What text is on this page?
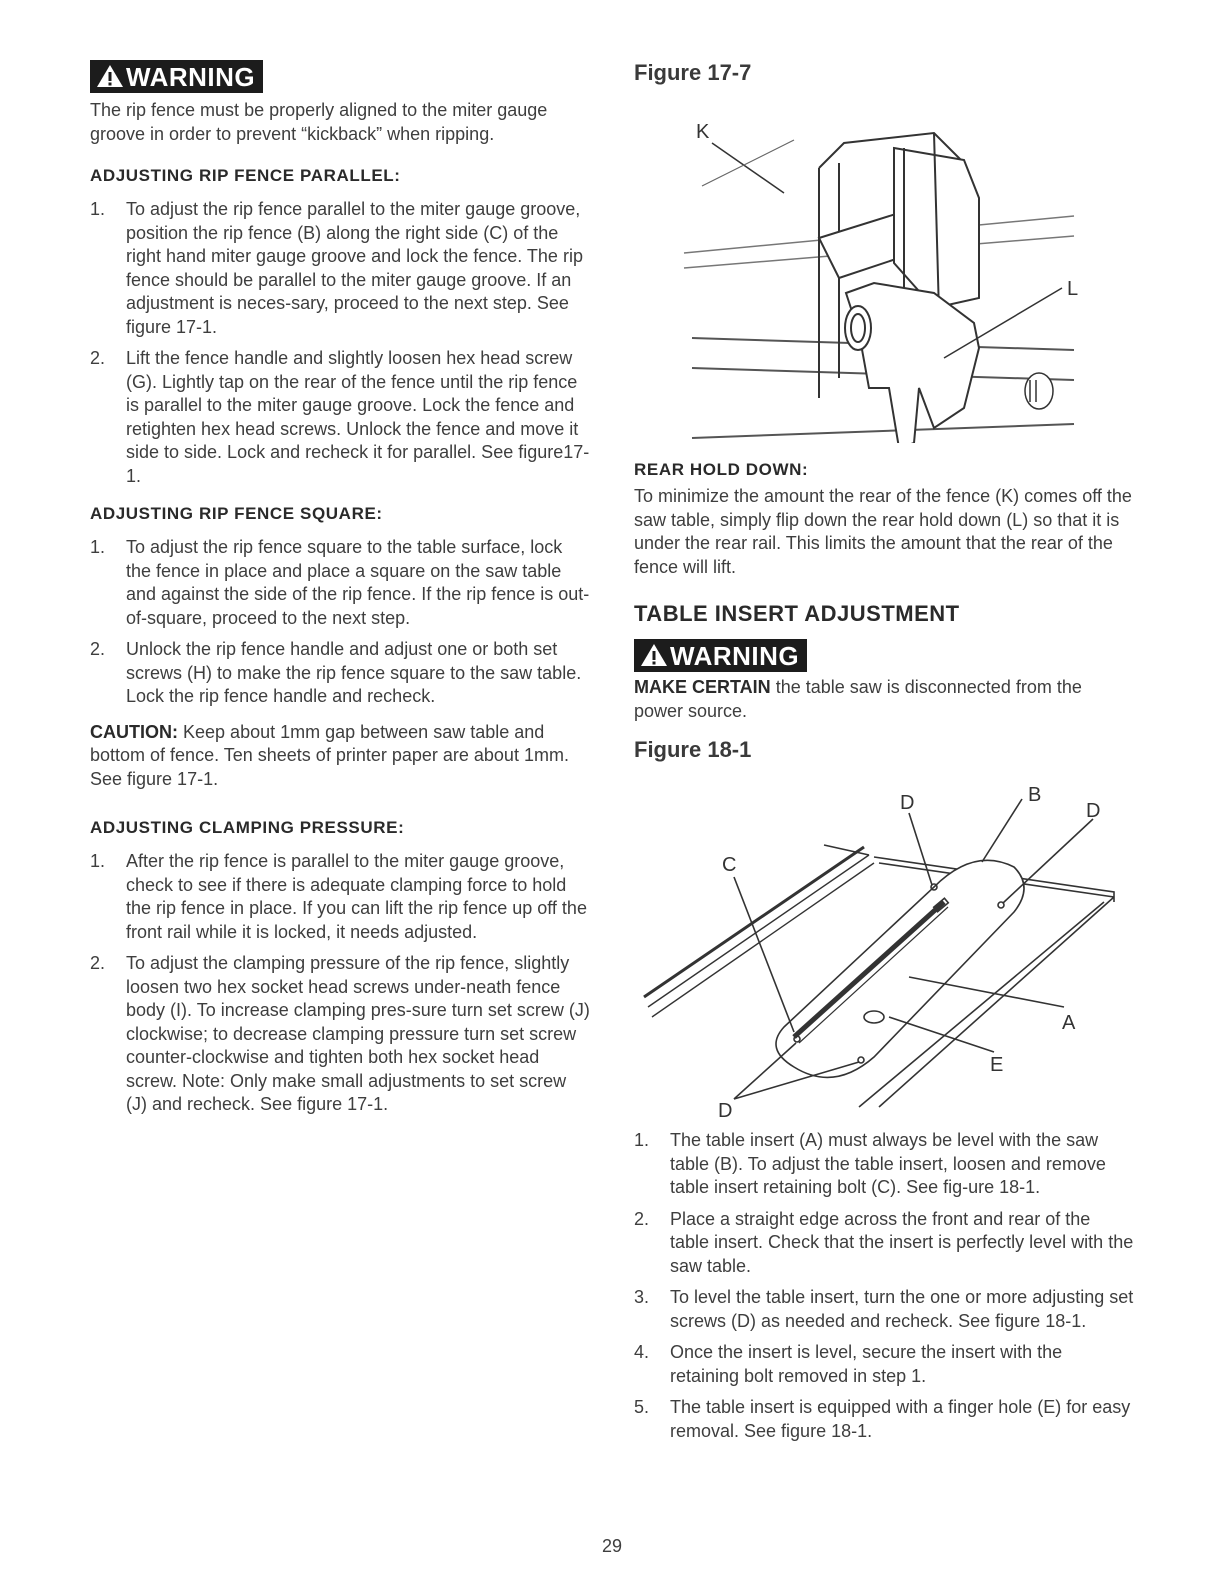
WARNING

The rip fence must be properly aligned to the miter gauge groove in order to prevent “kickback” when ripping.

ADJUSTING RIP FENCE PARALLEL:
1. To adjust the rip fence parallel to the miter gauge groove, position the rip fence (B) along the right side (C) of the right hand miter gauge groove and lock the fence. The rip fence should be parallel to the miter gauge groove. If an adjustment is neces-sary, proceed to the next step. See figure 17-1.
2. Lift the fence handle and slightly loosen hex head screw (G). Lightly tap on the rear of the fence until the rip fence is parallel to the miter gauge groove. Lock the fence and retighten hex head screws. Unlock the fence and move it side to side. Lock and recheck it for parallel. See figure17-1.
ADJUSTING RIP FENCE SQUARE:
1. To adjust the rip fence square to the table surface, lock the fence in place and place a square on the saw table and against the side of the rip fence. If the rip fence is out-of-square, proceed to the next step.
2. Unlock the rip fence handle and adjust one or both set screws (H) to make the rip fence square to the saw table. Lock the rip fence handle and recheck.

CAUTION: Keep about 1mm gap between saw table and bottom of fence. Ten sheets of printer paper are about 1mm. See figure 17-1.

ADJUSTING CLAMPING PRESSURE:
1. After the rip fence is parallel to the miter gauge groove, check to see if there is adequate clamping force to hold the rip fence in place. If you can lift the rip fence up off the front rail while it is locked, it needs adjusted.
2. To adjust the clamping pressure of the rip fence, slightly loosen two hex socket head screws under-neath fence body (I). To increase clamping pres-sure turn set screw (J) clockwise; to decrease clamping pressure turn set screw counter-clockwise and tighten both hex socket head screw. Note: Only make small adjustments to set screw (J) and recheck. See figure 17-1.
Figure 17-7
K
L
REAR HOLD DOWN:

To minimize the amount the rear of the fence (K) comes off the saw table, simply flip down the rear hold down (L) so that it is under the rear rail. This limits the amount that the rear of the fence will lift.

TABLE INSERT ADJUSTMENT
WARNING

MAKE CERTAIN the table saw is disconnected from the power source.

Figure 18-1
D	B
D
C
A
E
D
1. The table insert (A) must always be level with the saw table (B). To adjust the table insert, loosen and remove table insert retaining bolt (C). See fig-ure 18-1.
2. Place a straight edge across the front and rear of the table insert. Check that the insert is perfectly level with the saw table.
3. To level the table insert, turn the one or more adjusting set screws (D) as needed and recheck. See figure 18-1.
4. Once the insert is level, secure the insert with the retaining bolt removed in step 1.
5. The table insert is equipped with a finger hole (E) for easy removal. See figure 18-1.
29
